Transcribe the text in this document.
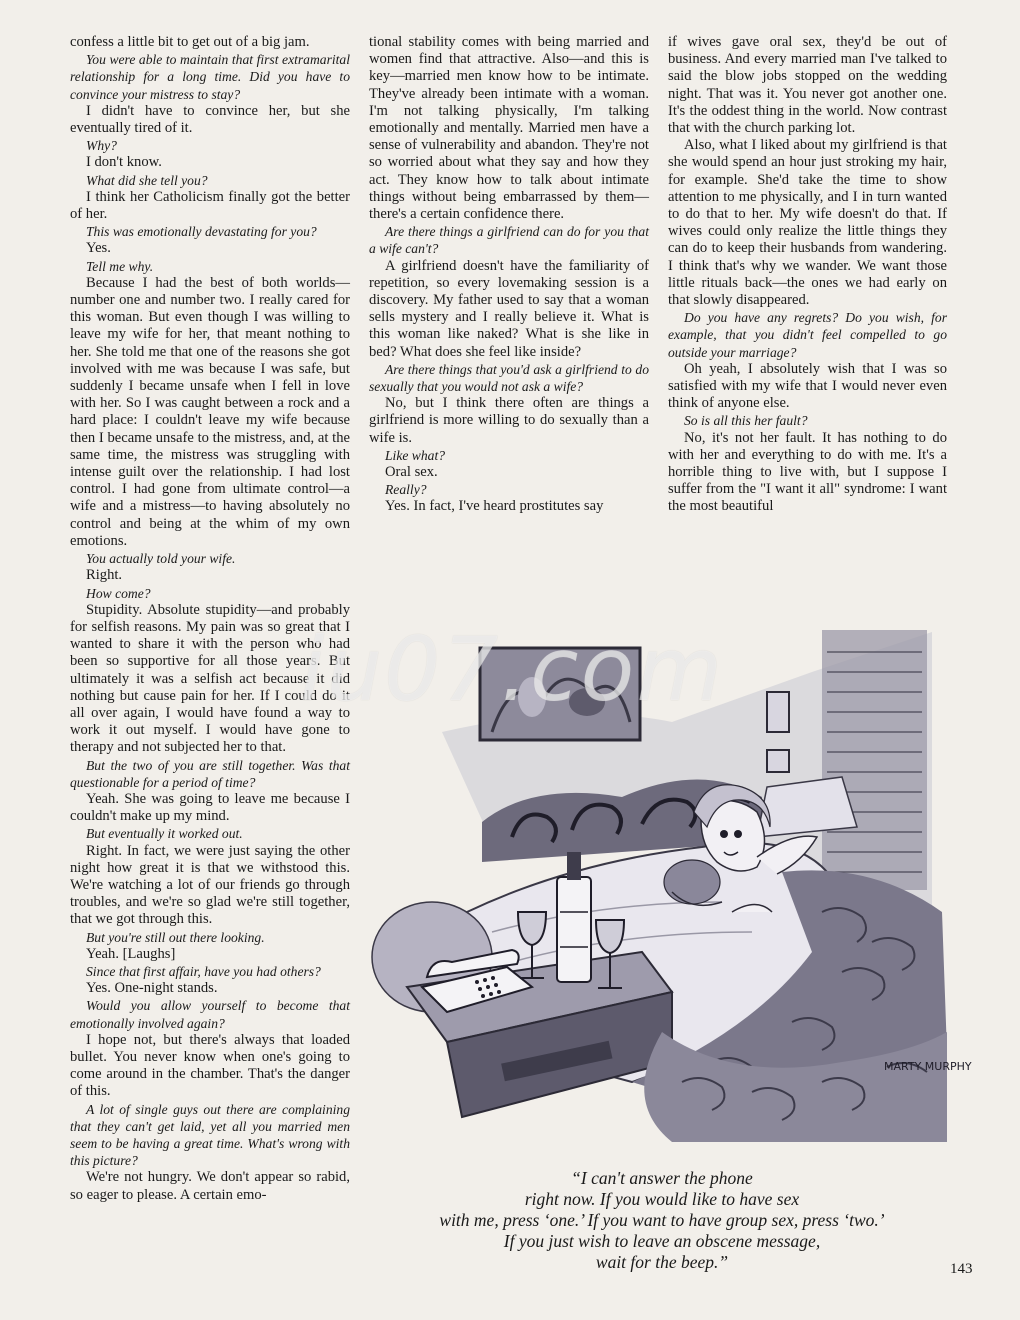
confess a little bit to get out of a big jam.

You were able to maintain that first extramarital relationship for a long time. Did you have to convince your mistress to stay?

I didn't have to convince her, but she eventually tired of it.

Why?

I don't know.

What did she tell you?

I think her Catholicism finally got the better of her.

This was emotionally devastating for you?

Yes.

Tell me why.

Because I had the best of both worlds—number one and number two. I really cared for this woman. But even though I was willing to leave my wife for her, that meant nothing to her. She told me that one of the reasons she got involved with me was because I was safe, but suddenly I became unsafe when I fell in love with her. So I was caught between a rock and a hard place: I couldn't leave my wife because then I became unsafe to the mistress, and, at the same time, the mistress was struggling with intense guilt over the relationship. I had lost control. I had gone from ultimate control—a wife and a mistress—to having absolutely no control and being at the whim of my own emotions.

You actually told your wife.

Right.

How come?

Stupidity. Absolute stupidity—and probably for selfish reasons. My pain was so great that I wanted to share it with the person who had been so supportive for all those years. But ultimately it was a selfish act because it did nothing but cause pain for her. If I could do it all over again, I would have found a way to work it out myself. I would have gone to therapy and not subjected her to that.

But the two of you are still together. Was that questionable for a period of time?

Yeah. She was going to leave me because I couldn't make up my mind.

But eventually it worked out.

Right. In fact, we were just saying the other night how great it is that we withstood this. We're watching a lot of our friends go through troubles, and we're so glad we're still together, that we got through this.

But you're still out there looking.

Yeah. [Laughs]

Since that first affair, have you had others?

Yes. One-night stands.

Would you allow yourself to become that emotionally involved again?

I hope not, but there's always that loaded bullet. You never know when one's going to come around in the chamber. That's the danger of this.

A lot of single guys out there are complaining that they can't get laid, yet all you married men seem to be having a great time. What's wrong with this picture?

We're not hungry. We don't appear so rabid, so eager to please. A certain emo-

tional stability comes with being married and women find that attractive. Also—and this is key—married men know how to be intimate. They've already been intimate with a woman. I'm not talking physically, I'm talking emotionally and mentally. Married men have a sense of vulnerability and abandon. They're not so worried about what they say and how they act. They know how to talk about intimate things without being embarrassed by them—there's a certain confidence there.

Are there things a girlfriend can do for you that a wife can't?

A girlfriend doesn't have the familiarity of repetition, so every lovemaking session is a discovery. My father used to say that a woman sells mystery and I really believe it. What is this woman like naked? What is she like in bed? What does she feel like inside?

Are there things that you'd ask a girlfriend to do sexually that you would not ask a wife?

No, but I think there often are things a girlfriend is more willing to do sexually than a wife is.

Like what?

Oral sex.

Really?

Yes. In fact, I've heard prostitutes say

if wives gave oral sex, they'd be out of business. And every married man I've talked to said the blow jobs stopped on the wedding night. That was it. You never got another one. It's the oddest thing in the world. Now contrast that with the church parking lot.

Also, what I liked about my girlfriend is that she would spend an hour just stroking my hair, for example. She'd take the time to show attention to me physically, and I in turn wanted to do that to her. My wife doesn't do that. If wives could only realize the little things they can do to keep their husbands from wandering. I think that's why we wander. We want those little rituals back—the ones we had early on that slowly disappeared.

Do you have any regrets? Do you wish, for example, that you didn't feel compelled to go outside your marriage?

Oh yeah, I absolutely wish that I was so satisfied with my wife that I would never even think of anyone else.

So is all this her fault?

No, it's not her fault. It has nothing to do with her and everything to do with me. It's a horrible thing to live with, but I suppose I suffer from the "I want it all" syndrome: I want the most beautiful

MARTY MURPHY
iu07.com
“I can't answer the phone
right now. If you would like to have sex
with me, press ‘one.’ If you want to have group sex, press ‘two.’
If you just wish to leave an obscene message,
wait for the beep.”	143
